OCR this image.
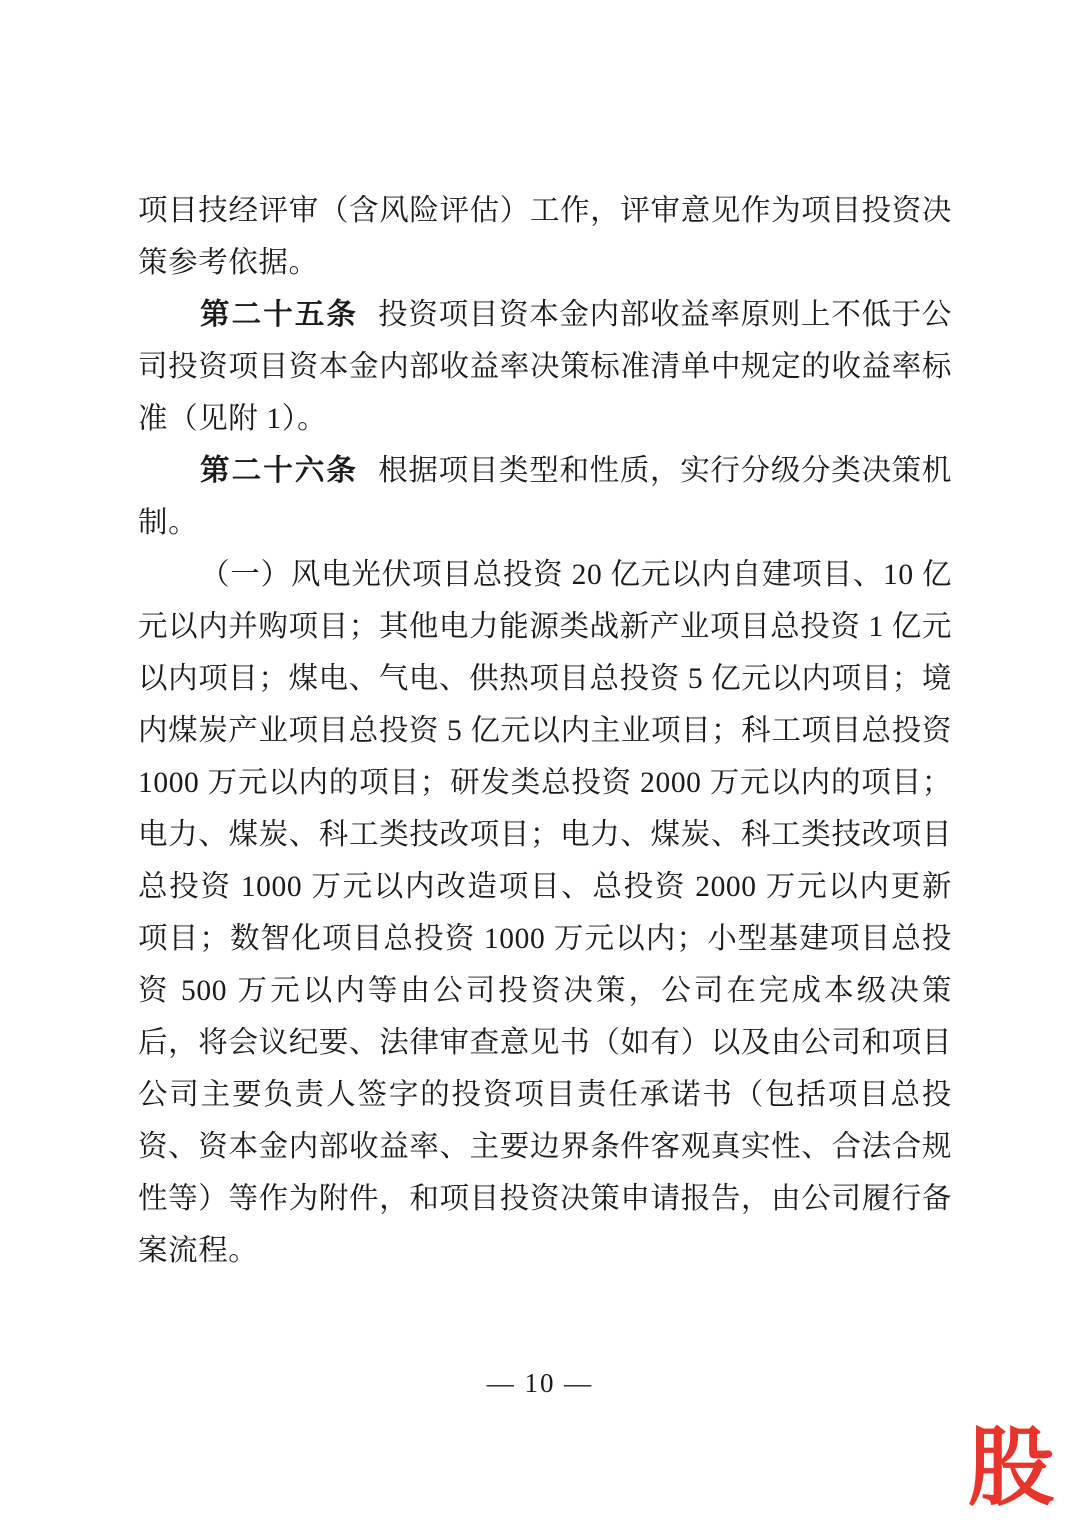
项目技经评审（含风险评估）工作，评审意见作为项目投资决策参考依据。

第二十五条 投资项目资本金内部收益率原则上不低于公司投资项目资本金内部收益率决策标准清单中规定的收益率标准（见附 1）。

第二十六条 根据项目类型和性质，实行分级分类决策机制。

（一）风电光伏项目总投资 20 亿元以内自建项目、10 亿元以内并购项目；其他电力能源类战新产业项目总投资 1 亿元以内项目；煤电、气电、供热项目总投资 5 亿元以内项目；境内煤炭产业项目总投资 5 亿元以内主业项目；科工项目总投资 1000 万元以内的项目；研发类总投资 2000 万元以内的项目；电力、煤炭、科工类技改项目；电力、煤炭、科工类技改项目总投资 1000 万元以内改造项目、总投资 2000 万元以内更新项目；数智化项目总投资 1000 万元以内；小型基建项目总投资 500 万元以内等由公司投资决策，公司在完成本级决策后，将会议纪要、法律审查意见书（如有）以及由公司和项目公司主要负责人签字的投资项目责任承诺书（包括项目总投资、资本金内部收益率、主要边界条件客观真实性、合法合规性等）等作为附件，和项目投资决策申请报告，由公司履行备案流程。

— 10 —
股
